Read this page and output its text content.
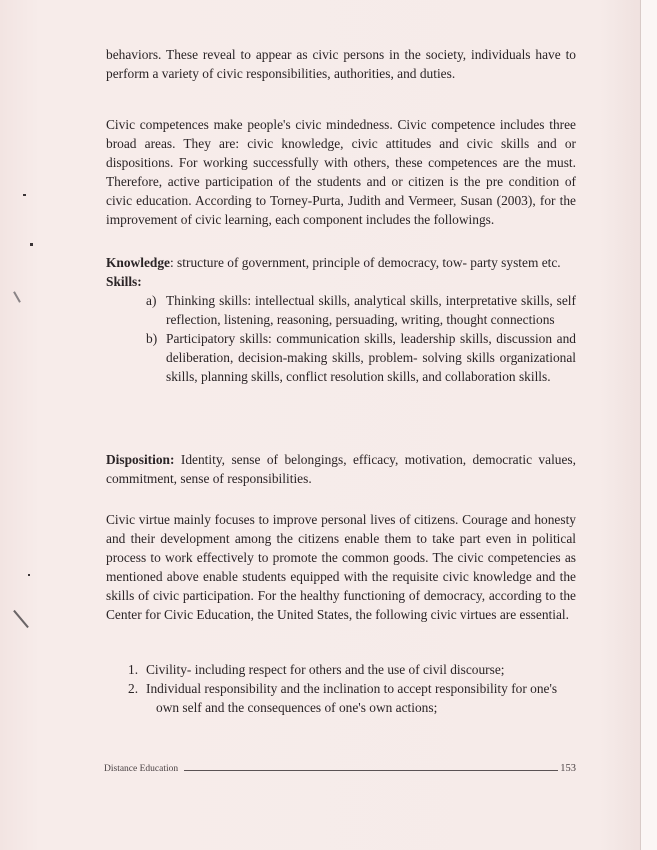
behaviors. These reveal to appear as civic persons in the society, individuals have to perform a variety of civic responsibilities, authorities, and duties.
Civic competences make people's civic mindedness. Civic competence includes three broad areas. They are: civic knowledge, civic attitudes and civic skills and or dispositions. For working successfully with others, these competences are the must. Therefore, active participation of the students and or citizen is the pre condition of civic education. According to Torney-Purta, Judith and Vermeer, Susan (2003), for the improvement of civic learning, each component includes the followings.
Knowledge: structure of government, principle of democracy, tow- party system etc.
Skills:
a) Thinking skills: intellectual skills, analytical skills, interpretative skills, self reflection, listening, reasoning, persuading, writing, thought connections
b) Participatory skills: communication skills, leadership skills, discussion and deliberation, decision-making skills, problem- solving skills organizational skills, planning skills, conflict resolution skills, and collaboration skills.
Disposition: Identity, sense of belongings, efficacy, motivation, democratic values, commitment, sense of responsibilities.
Civic virtue mainly focuses to improve personal lives of citizens. Courage and honesty and their development among the citizens enable them to take part even in political process to work effectively to promote the common goods. The civic competencies as mentioned above enable students equipped with the requisite civic knowledge and the skills of civic participation. For the healthy functioning of democracy, according to the Center for Civic Education, the United States, the following civic virtues are essential.
1. Civility- including respect for others and the use of civil discourse;
2. Individual responsibility and the inclination to accept responsibility for one's
own self and the consequences of one's own actions;
Distance Education	153
